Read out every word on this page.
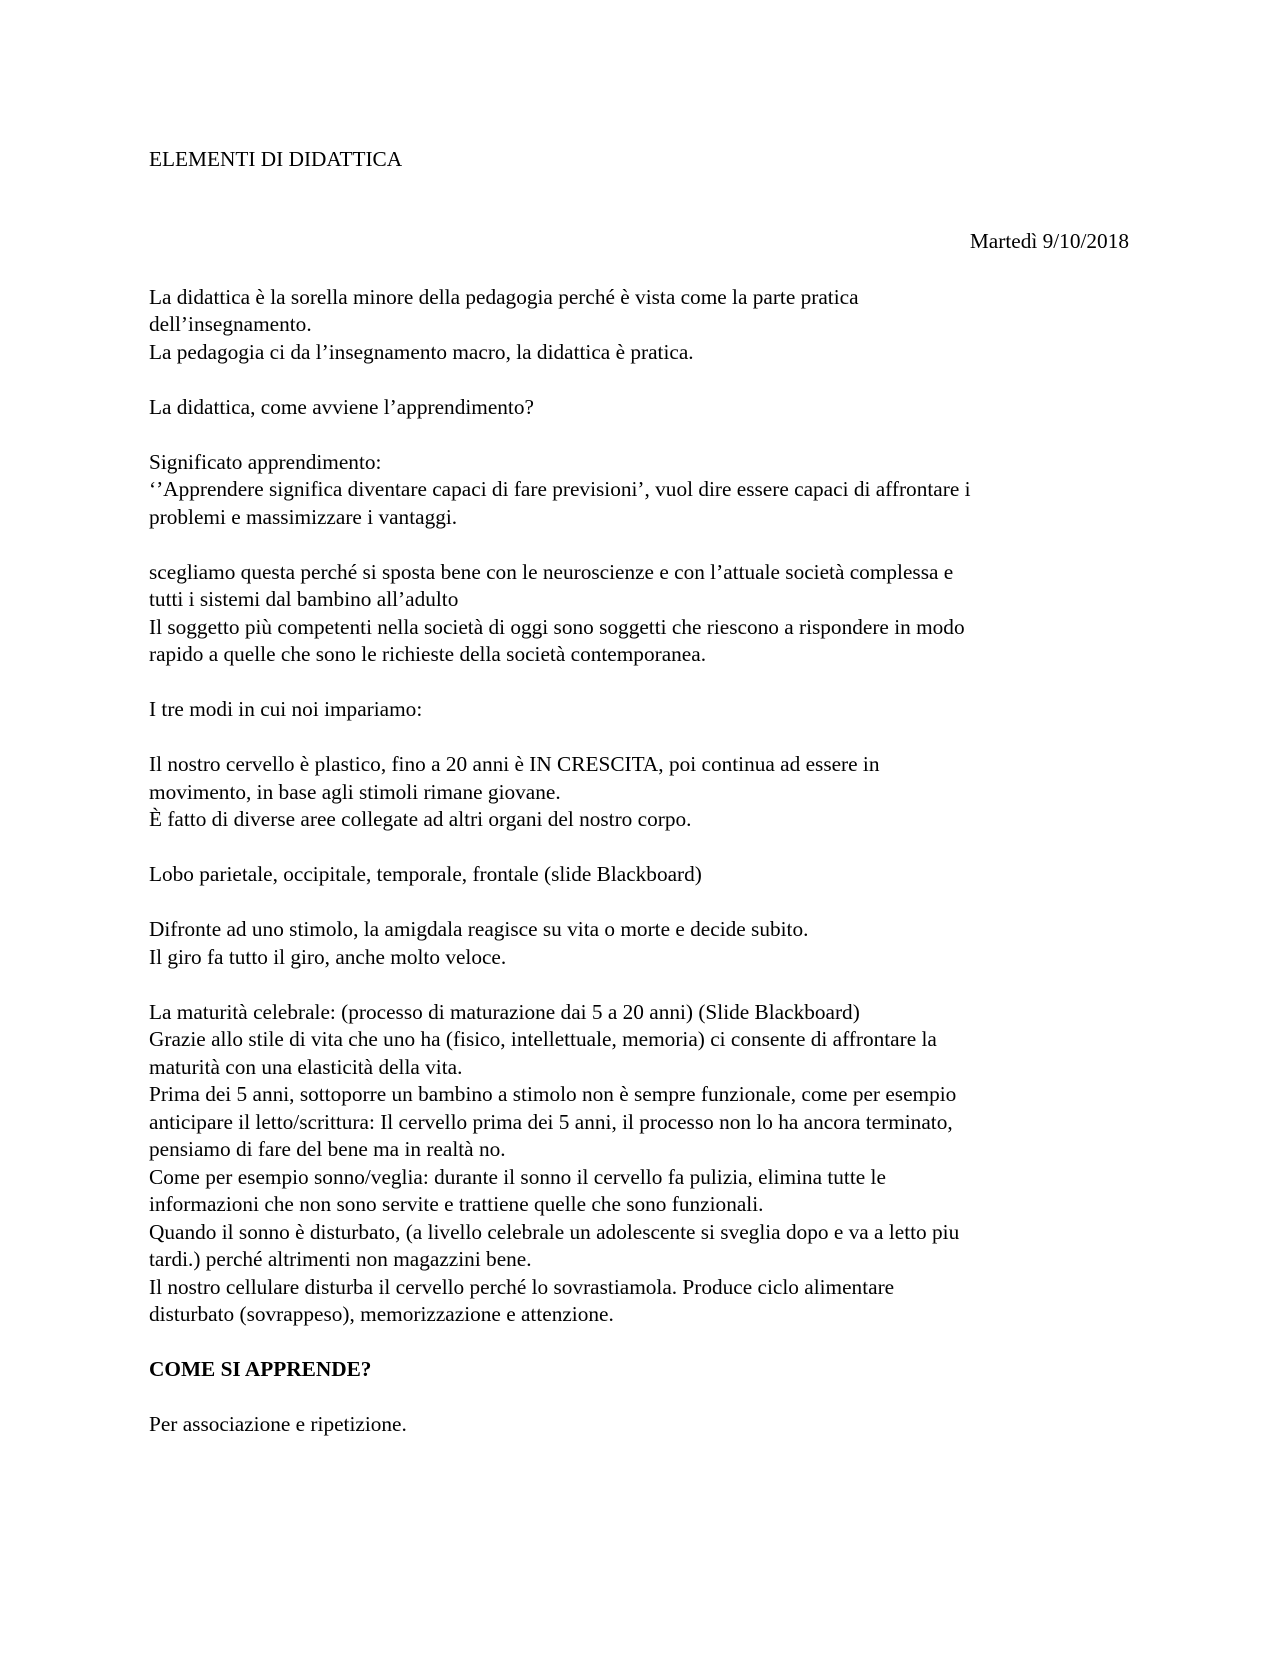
ELEMENTI DI DIDATTICA
Martedì 9/10/2018
La didattica è la sorella minore della pedagogia perché è vista come la parte pratica
dell’insegnamento.
La pedagogia ci da l’insegnamento macro, la didattica è pratica.
La didattica, come avviene l’apprendimento?
Significato apprendimento:
‘’Apprendere significa diventare capaci di fare previsioni’, vuol dire essere capaci di affrontare i
problemi e massimizzare i vantaggi.
scegliamo questa perché si sposta bene con le neuroscienze e con l’attuale società complessa e
tutti i sistemi dal bambino all’adulto
Il soggetto più competenti nella società di oggi sono soggetti che riescono a rispondere in modo
rapido a quelle che sono le richieste della società contemporanea.
I tre modi in cui noi impariamo:
Il nostro cervello è plastico, fino a 20 anni è IN CRESCITA, poi continua ad essere in
movimento, in base agli stimoli rimane giovane.
È fatto di diverse aree collegate ad altri organi del nostro corpo.
Lobo parietale, occipitale, temporale, frontale (slide Blackboard)
Difronte ad uno stimolo, la amigdala reagisce su vita o morte e decide subito.
Il giro fa tutto il giro, anche molto veloce.
La maturità celebrale: (processo di maturazione dai 5 a 20 anni) (Slide Blackboard)
Grazie allo stile di vita che uno ha (fisico, intellettuale, memoria) ci consente di affrontare la
maturità con una elasticità della vita.
Prima dei 5 anni, sottoporre un bambino a stimolo non è sempre funzionale, come per esempio
anticipare il letto/scrittura: Il cervello prima dei 5 anni, il processo non lo ha ancora terminato,
pensiamo di fare del bene ma in realtà no.
Come per esempio sonno/veglia: durante il sonno il cervello fa pulizia, elimina tutte le
informazioni che non sono servite e trattiene quelle che sono funzionali.
Quando il sonno è disturbato, (a livello celebrale un adolescente si sveglia dopo e va a letto piu
tardi.) perché altrimenti non magazzini bene.
Il nostro cellulare disturba il cervello perché lo sovrastiamola. Produce ciclo alimentare
disturbato (sovrappeso), memorizzazione e attenzione.
COME SI APPRENDE?
Per associazione e ripetizione.
